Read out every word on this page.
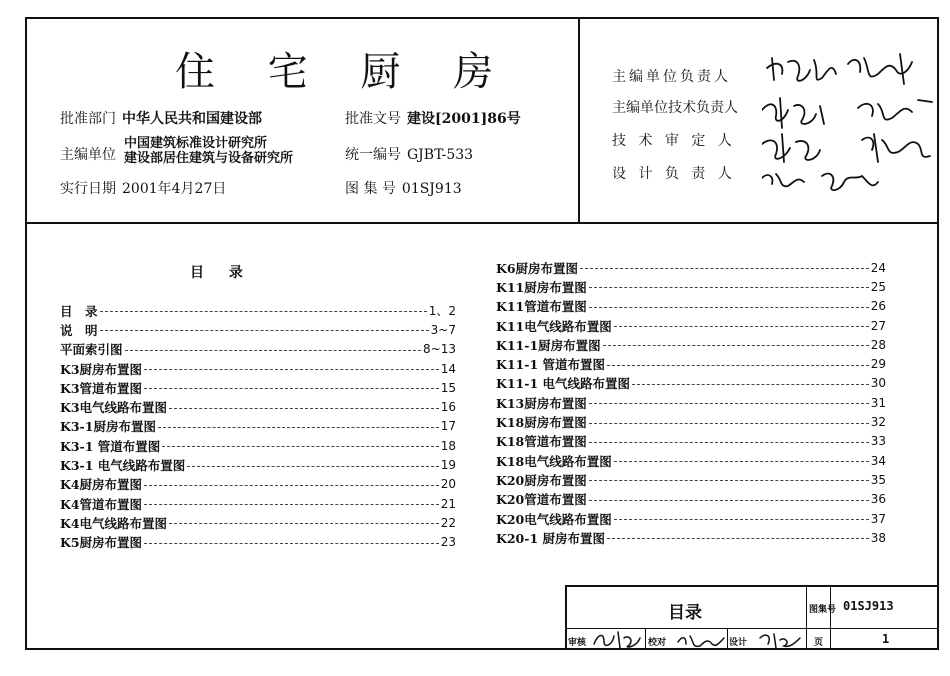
住 宅 厨 房
批准部门 中华人民共和国建设部
主编单位
中国建筑标准设计研究所
建设部居住建筑与设备研究所
实行日期 2001年4月27日
批准文号 建设[2001]86号
统一编号 GJBT-533
图 集 号 01SJ913
主编单位负责人
主编单位技术负责人
技 术 审 定 人
设 计 负 责 人
目 录
目　录	1、2
说　明	3~7
平面索引图	8~13
K3厨房布置图	14
K3管道布置图	15
K3电气线路布置图	16
K3-1厨房布置图	17
K3-1 管道布置图	18
K3-1 电气线路布置图	19
K4厨房布置图	20
K4管道布置图	21
K4电气线路布置图	22
K5厨房布置图	23
K6厨房布置图	24
K11厨房布置图	25
K11管道布置图	26
K11电气线路布置图	27
K11-1厨房布置图	28
K11-1 管道布置图	29
K11-1 电气线路布置图	30
K13厨房布置图	31
K18厨房布置图	32
K18管道布置图	33
K18电气线路布置图	34
K20厨房布置图	35
K20管道布置图	36
K20电气线路布置图	37
K20-1 厨房布置图	38
目录	图集号 01SJ913
审核	校对	设计	页	1
